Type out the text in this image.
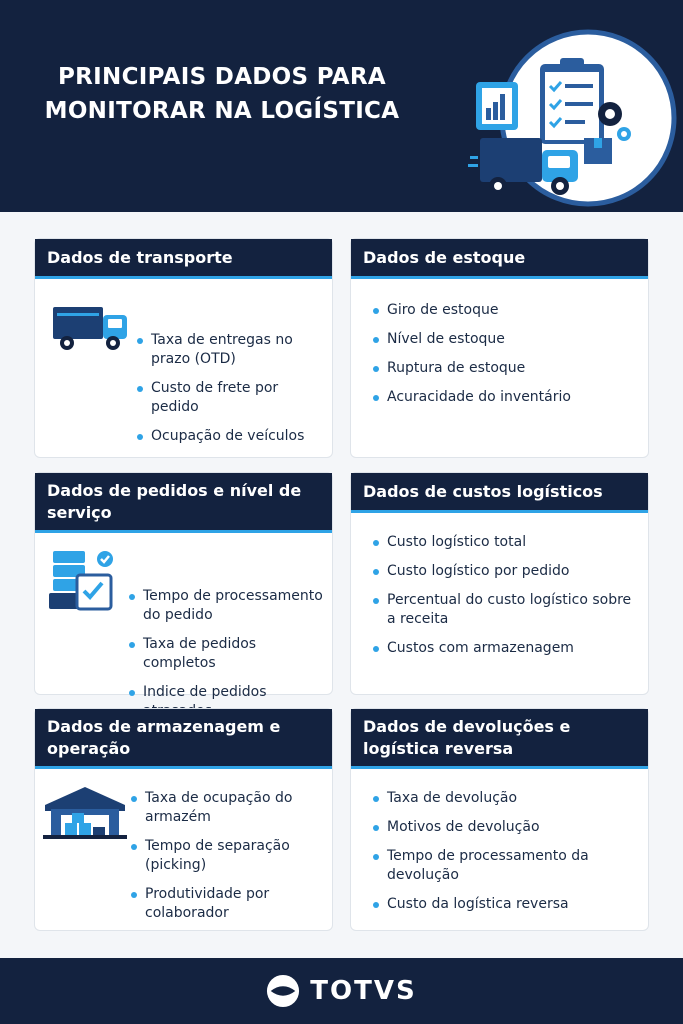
PRINCIPAIS DADOS PARA
MONITORAR NA LOGÍSTICA
Dados de transporte
Taxa de entregas no prazo (OTD)
Custo de frete por pedido
Ocupação de veículos
Dados de estoque
Giro de estoque
Nível de estoque
Ruptura de estoque
Acuracidade do inventário
Dados de pedidos e nível de serviço
Tempo de processamento do pedido
Taxa de pedidos completos
Indice de pedidos
Dados de custos logísticos
Custo logístico total
Custo logístico por pedido
Percentual do custo logístico sobre a receita
Custos com armazenagem
Dados de armazenagem e operação
Taxa de ocupação do armazém
Tempo de separação (picking)
Produtividade por colaborador
Dados de devoluções e logística reversa
Taxa de devolução
Motivos de devolução
Tempo de processamento da devolução
Custo da logística reversa
TOTVS
